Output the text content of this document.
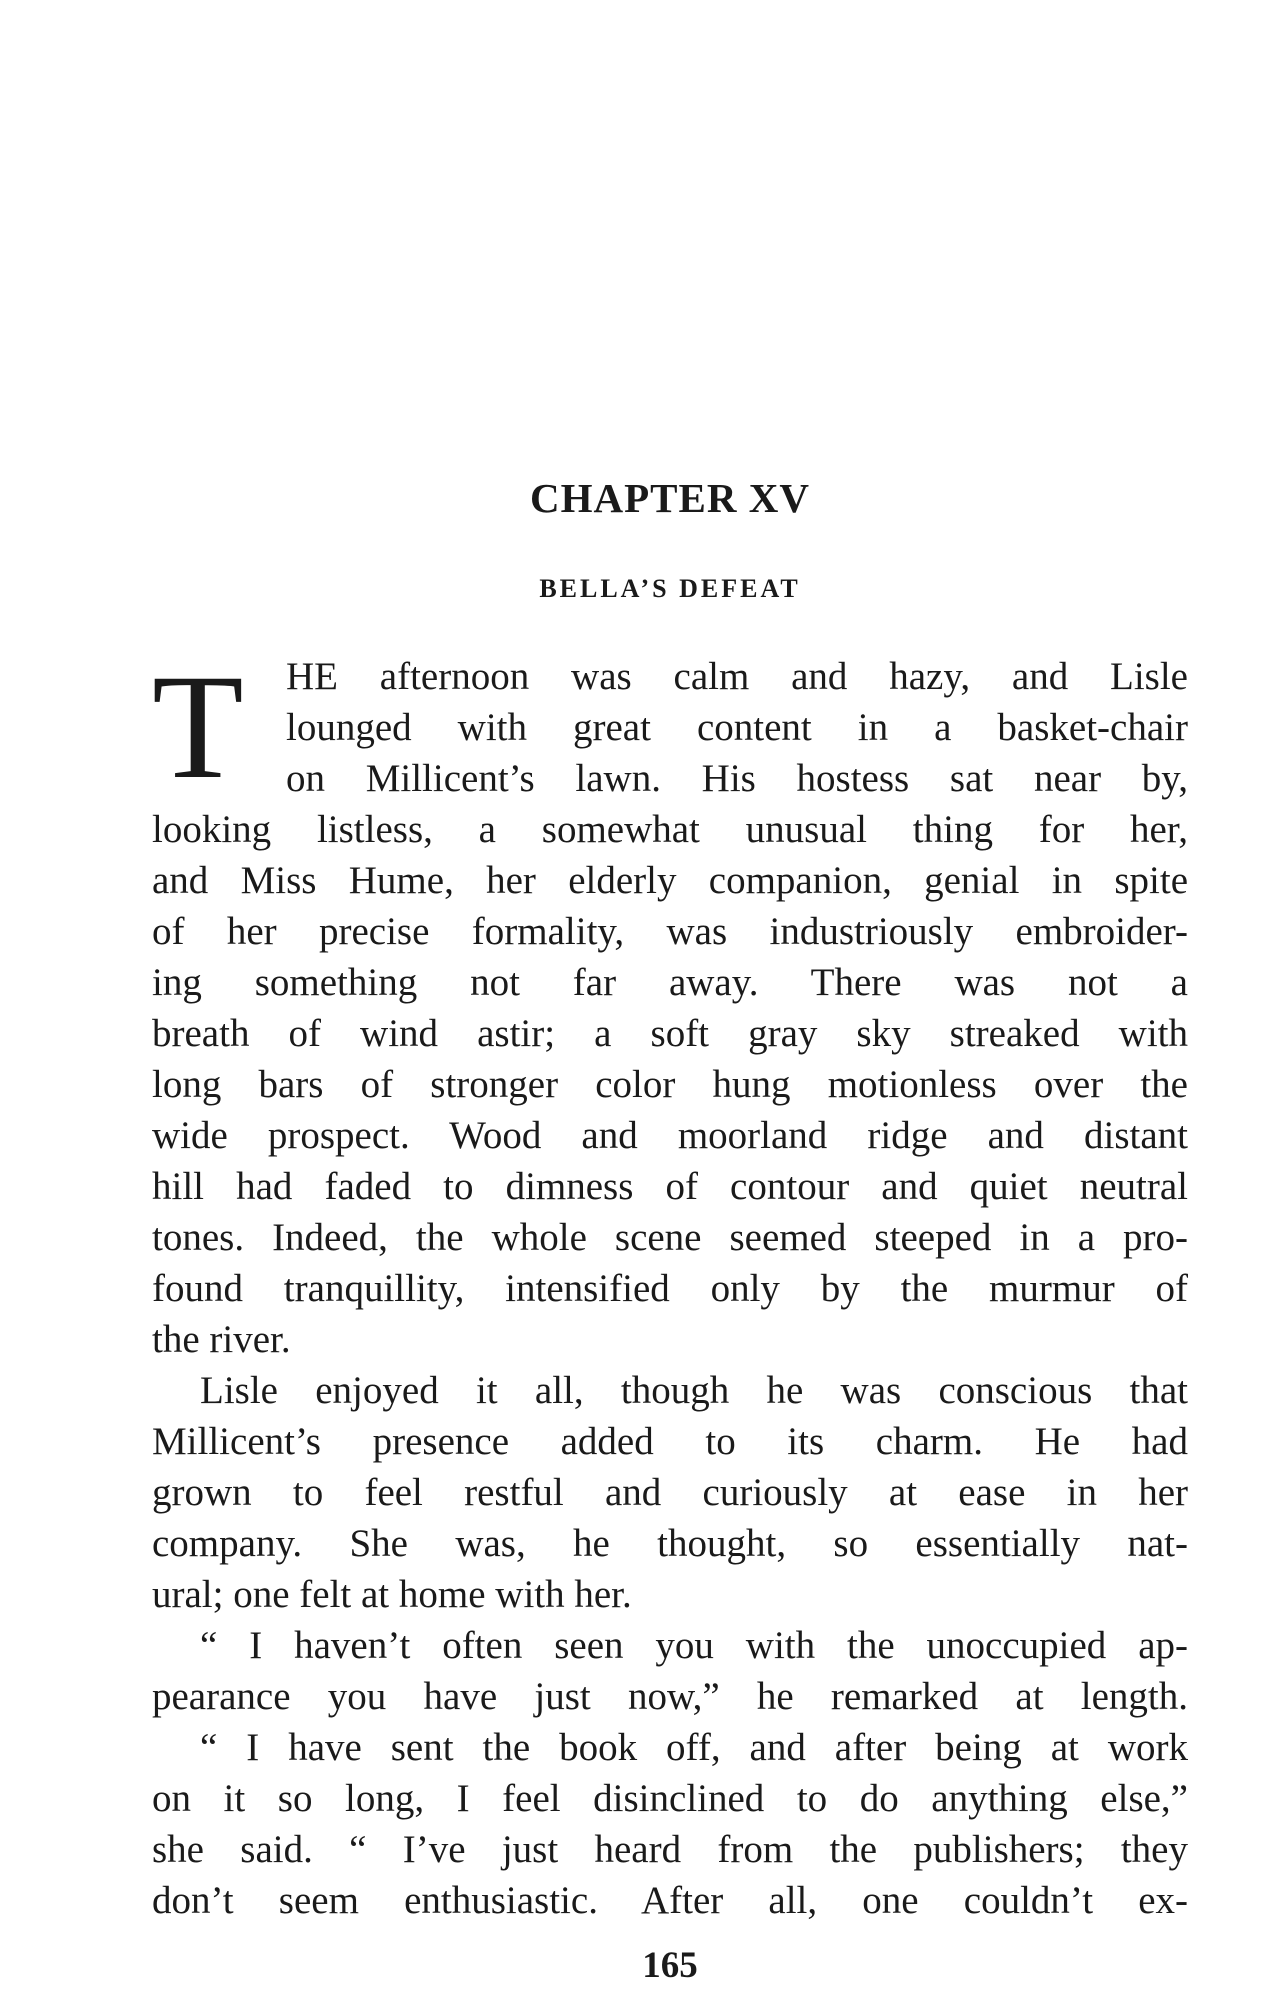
CHAPTER XV
BELLA’S DEFEAT
T HE afternoon was calm and hazy, and Lisle

lounged with great content in a basket-chair

on Millicent’s lawn. His hostess sat near by,

looking listless, a somewhat unusual thing for her,

and Miss Hume, her elderly companion, genial in spite

of her precise formality, was industriously embroider-

ing something not far away. There was not a

breath of wind astir; a soft gray sky streaked with

long bars of stronger color hung motionless over the

wide prospect. Wood and moorland ridge and distant

hill had faded to dimness of contour and quiet neutral

tones. Indeed, the whole scene seemed steeped in a pro-

found tranquillity, intensified only by the murmur of

the river.

Lisle enjoyed it all, though he was conscious that

Millicent’s presence added to its charm. He had

grown to feel restful and curiously at ease in her

company. She was, he thought, so essentially nat-

ural; one felt at home with her.

“ I haven’t often seen you with the unoccupied ap-

pearance you have just now,” he remarked at length.

“ I have sent the book off, and after being at work

on it so long, I feel disinclined to do anything else,”

she said. “ I’ve just heard from the publishers; they

don’t seem enthusiastic. After all, one couldn’t ex-

165
